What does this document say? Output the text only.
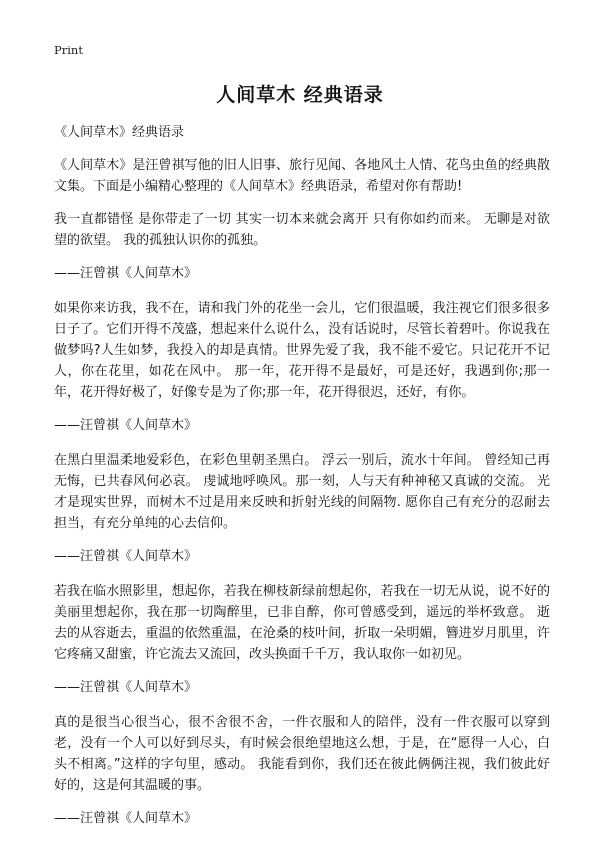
Print
人间草木 经典语录

《人间草木》经典语录

《人间草木》是汪曾祺写他的旧人旧事、旅行见闻、各地风土人情、花鸟虫鱼的经典散文集。下面是小编精心整理的《人间草木》经典语录，希望对你有帮助!

我一直都错怪 是你带走了一切 其实一切本来就会离开 只有你如约而来。 无聊是对欲望的欲望。 我的孤独认识你的孤独。

——汪曾祺《人间草木》

如果你来访我，我不在，请和我门外的花坐一会儿，它们很温暖，我注视它们很多很多日子了。它们开得不茂盛，想起来什么说什么，没有话说时，尽管长着碧叶。你说我在做梦吗?人生如梦，我投入的却是真情。世界先爱了我，我不能不爱它。只记花开不记人，你在花里，如花在风中。 那一年，花开得不是最好，可是还好，我遇到你;那一年，花开得好极了，好像专是为了你;那一年，花开得很迟，还好，有你。

——汪曾祺《人间草木》

在黑白里温柔地爱彩色，在彩色里朝圣黑白。 浮云一别后，流水十年间。 曾经知己再无悔，已共春风何必哀。 虔诚地呼唤风。那一刻，人与天有种神秘又真诚的交流。 光才是现实世界，而树木不过是用来反映和折射光线的间隔物. 愿你自己有充分的忍耐去担当，有充分单纯的心去信仰。

——汪曾祺《人间草木》

若我在临水照影里，想起你，若我在柳枝新绿前想起你，若我在一切无从说，说不好的美丽里想起你，我在那一切陶醉里，已非自醉，你可曾感受到，遥远的举杯致意。 逝去的从容逝去，重温的依然重温，在沧桑的枝叶间，折取一朵明媚，簪进岁月肌里，许它疼痛又甜蜜，许它流去又流回，改头换面千千万，我认取你一如初见。

——汪曾祺《人间草木》

真的是很当心很当心，很不舍很不舍，一件衣服和人的陪伴，没有一件衣服可以穿到老，没有一个人可以好到尽头，有时候会很绝望地这么想，于是，在“愿得一人心，白头不相离。”这样的字句里，感动。 我能看到你，我们还在彼此俩俩注视，我们彼此好好的，这是何其温暖的事。

——汪曾祺《人间草木》
